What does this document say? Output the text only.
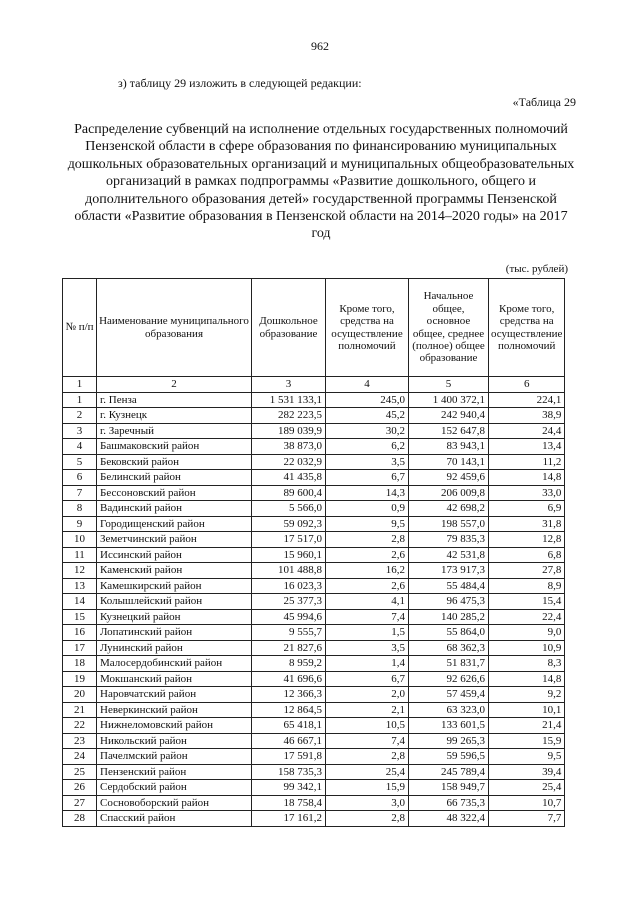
962
з) таблицу 29 изложить в следующей редакции:
«Таблица 29
Распределение субвенций на исполнение отдельных государственных полномочий Пензенской области в сфере образования по финансированию муниципальных дошкольных образовательных организаций и муниципальных общеобразовательных организаций в рамках подпрограммы «Развитие дошкольного, общего и дополнительного образования детей» государственной программы Пензенской области «Развитие образования в Пензенской области на 2014–2020 годы» на 2017 год
(тыс. рублей)
№ п/п	Наименование муниципального образования	Дошкольное образование	Кроме того, средства на осуществление полномочий	Начальное общее, основное общее, среднее (полное) общее образование	Кроме того, средства на осуществление полномочий
1	2	3	4	5	6
1	г. Пенза	1 531 133,1	245,0	1 400 372,1	224,1
2	г. Кузнецк	282 223,5	45,2	242 940,4	38,9
3	г. Заречный	189 039,9	30,2	152 647,8	24,4
4	Башмаковский район	38 873,0	6,2	83 943,1	13,4
5	Бековский район	22 032,9	3,5	70 143,1	11,2
6	Белинский район	41 435,8	6,7	92 459,6	14,8
7	Бессоновский район	89 600,4	14,3	206 009,8	33,0
8	Вадинский район	5 566,0	0,9	42 698,2	6,9
9	Городищенский район	59 092,3	9,5	198 557,0	31,8
10	Земетчинский район	17 517,0	2,8	79 835,3	12,8
11	Иссинский район	15 960,1	2,6	42 531,8	6,8
12	Каменский район	101 488,8	16,2	173 917,3	27,8
13	Камешкирский район	16 023,3	2,6	55 484,4	8,9
14	Колышлейский район	25 377,3	4,1	96 475,3	15,4
15	Кузнецкий район	45 994,6	7,4	140 285,2	22,4
16	Лопатинский район	9 555,7	1,5	55 864,0	9,0
17	Лунинский район	21 827,6	3,5	68 362,3	10,9
18	Малосердобинский район	8 959,2	1,4	51 831,7	8,3
19	Мокшанский район	41 696,6	6,7	92 626,6	14,8
20	Наровчатский район	12 366,3	2,0	57 459,4	9,2
21	Неверкинский район	12 864,5	2,1	63 323,0	10,1
22	Нижнеломовский район	65 418,1	10,5	133 601,5	21,4
23	Никольский район	46 667,1	7,4	99 265,3	15,9
24	Пачелмский район	17 591,8	2,8	59 596,5	9,5
25	Пензенский район	158 735,3	25,4	245 789,4	39,4
26	Сердобский район	99 342,1	15,9	158 949,7	25,4
27	Сосновоборский район	18 758,4	3,0	66 735,3	10,7
28	Спасский район	17 161,2	2,8	48 322,4	7,7
